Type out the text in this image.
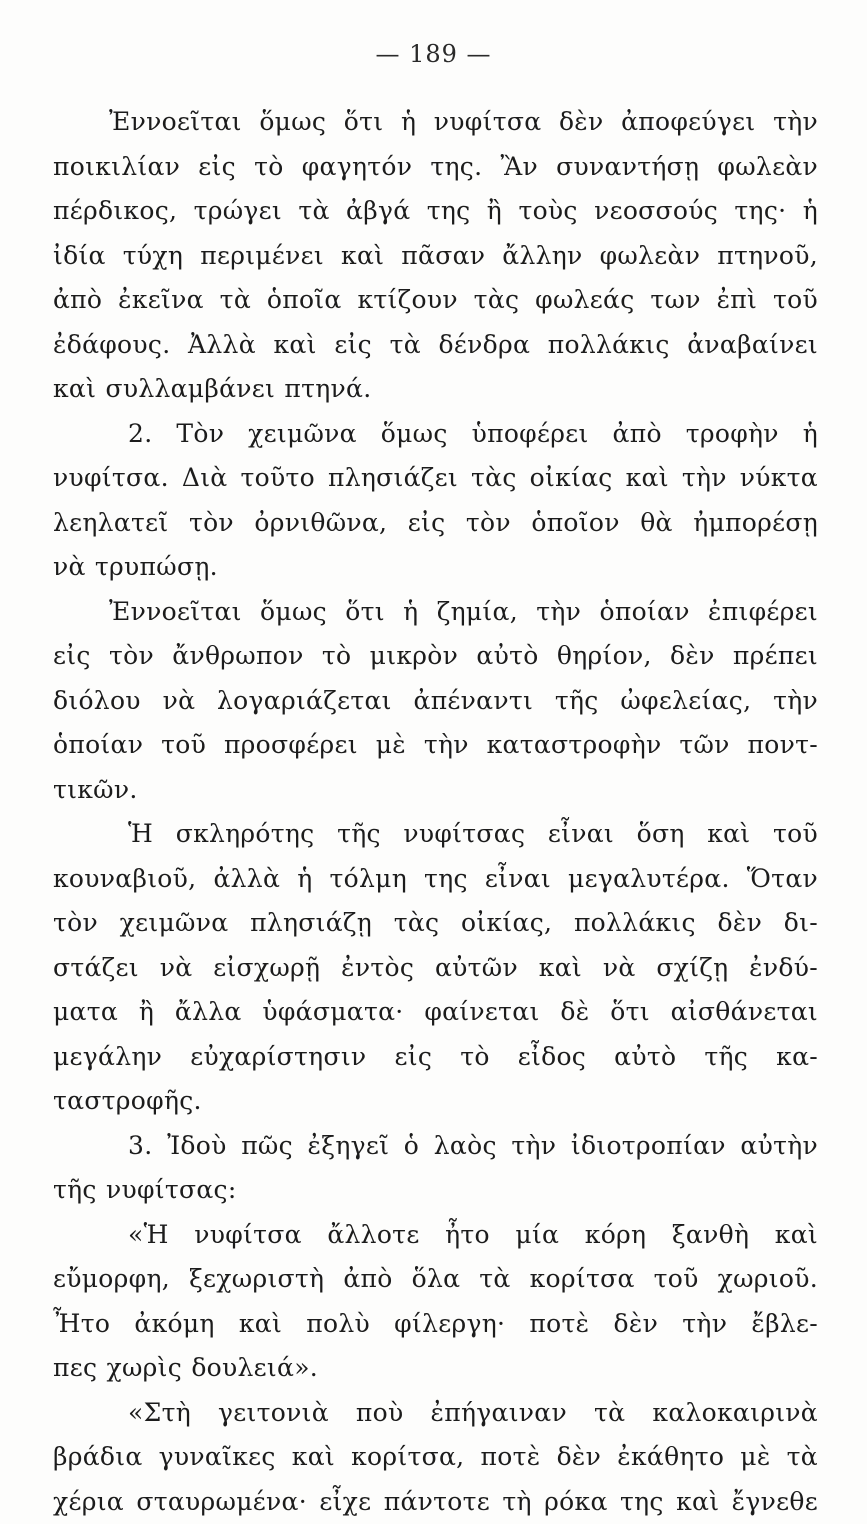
— 189 —
Ἐννοεῖται ὅμως ὅτι ἡ νυφίτσα δὲν ἀποφεύγει τὴν
ποικιλίαν εἰς τὸ φαγητόν της. Ἂν συναντήσῃ φωλεὰν
πέρδικος, τρώγει τὰ ἀβγά της ἢ τοὺς νεοσσούς της· ἡ
ἰδία τύχη περιμένει καὶ πᾶσαν ἄλλην φωλεὰν πτηνοῦ,
ἀπὸ ἐκεῖνα τὰ ὁποῖα κτίζουν τὰς φωλεάς των ἐπὶ τοῦ
ἐδάφους. Ἀλλὰ καὶ εἰς τὰ δένδρα πολλάκις ἀναβαίνει
καὶ συλλαμβάνει πτηνά.
2. Τὸν χειμῶνα ὅμως ὑποφέρει ἀπὸ τροφὴν ἡ
νυφίτσα. Διὰ τοῦτο πλησιάζει τὰς οἰκίας καὶ τὴν νύκτα
λεηλατεῖ τὸν ὀρνιθῶνα, εἰς τὸν ὁποῖον θὰ ἠμπορέσῃ
νὰ τρυπώσῃ.
Ἐννοεῖται ὅμως ὅτι ἡ ζημία, τὴν ὁποίαν ἐπιφέρει
εἰς τὸν ἄνθρωπον τὸ μικρὸν αὐτὸ θηρίον, δὲν πρέπει
διόλου νὰ λογαριάζεται ἀπέναντι τῆς ὠφελείας, τὴν
ὁποίαν τοῦ προσφέρει μὲ τὴν καταστροφὴν τῶν ποντ-
τικῶν.
Ἡ σκληρότης τῆς νυφίτσας εἶναι ὅση καὶ τοῦ
κουναβιοῦ, ἀλλὰ ἡ τόλμη της εἶναι μεγαλυτέρα. Ὅταν
τὸν χειμῶνα πλησιάζῃ τὰς οἰκίας, πολλάκις δὲν δι-
στάζει νὰ εἰσχωρῇ ἐντὸς αὐτῶν καὶ νὰ σχίζῃ ἐνδύ-
ματα ἢ ἄλλα ὑφάσματα· φαίνεται δὲ ὅτι αἰσθάνεται
μεγάλην εὐχαρίστησιν εἰς τὸ εἶδος αὐτὸ τῆς κα-
ταστροφῆς.
3. Ἰδοὺ πῶς ἐξηγεῖ ὁ λαὸς τὴν ἰδιοτροπίαν αὐτὴν
τῆς νυφίτσας:
«Ἡ νυφίτσα ἄλλοτε ἦτο μία κόρη ξανθὴ καὶ
εὔμορφη, ξεχωριστὴ ἀπὸ ὅλα τὰ κορίτσα τοῦ χωριοῦ.
Ἦτο ἀκόμη καὶ πολὺ φίλεργη· ποτὲ δὲν τὴν ἔβλε-
πες χωρὶς δουλειά».
«Στὴ γειτονιὰ ποὺ ἐπήγαιναν τὰ καλοκαιρινὰ
βράδια γυναῖκες καὶ κορίτσα, ποτὲ δὲν ἐκάθητο μὲ τὰ
χέρια σταυρωμένα· εἶχε πάντοτε τὴ ρόκα της καὶ ἔγνεθε
